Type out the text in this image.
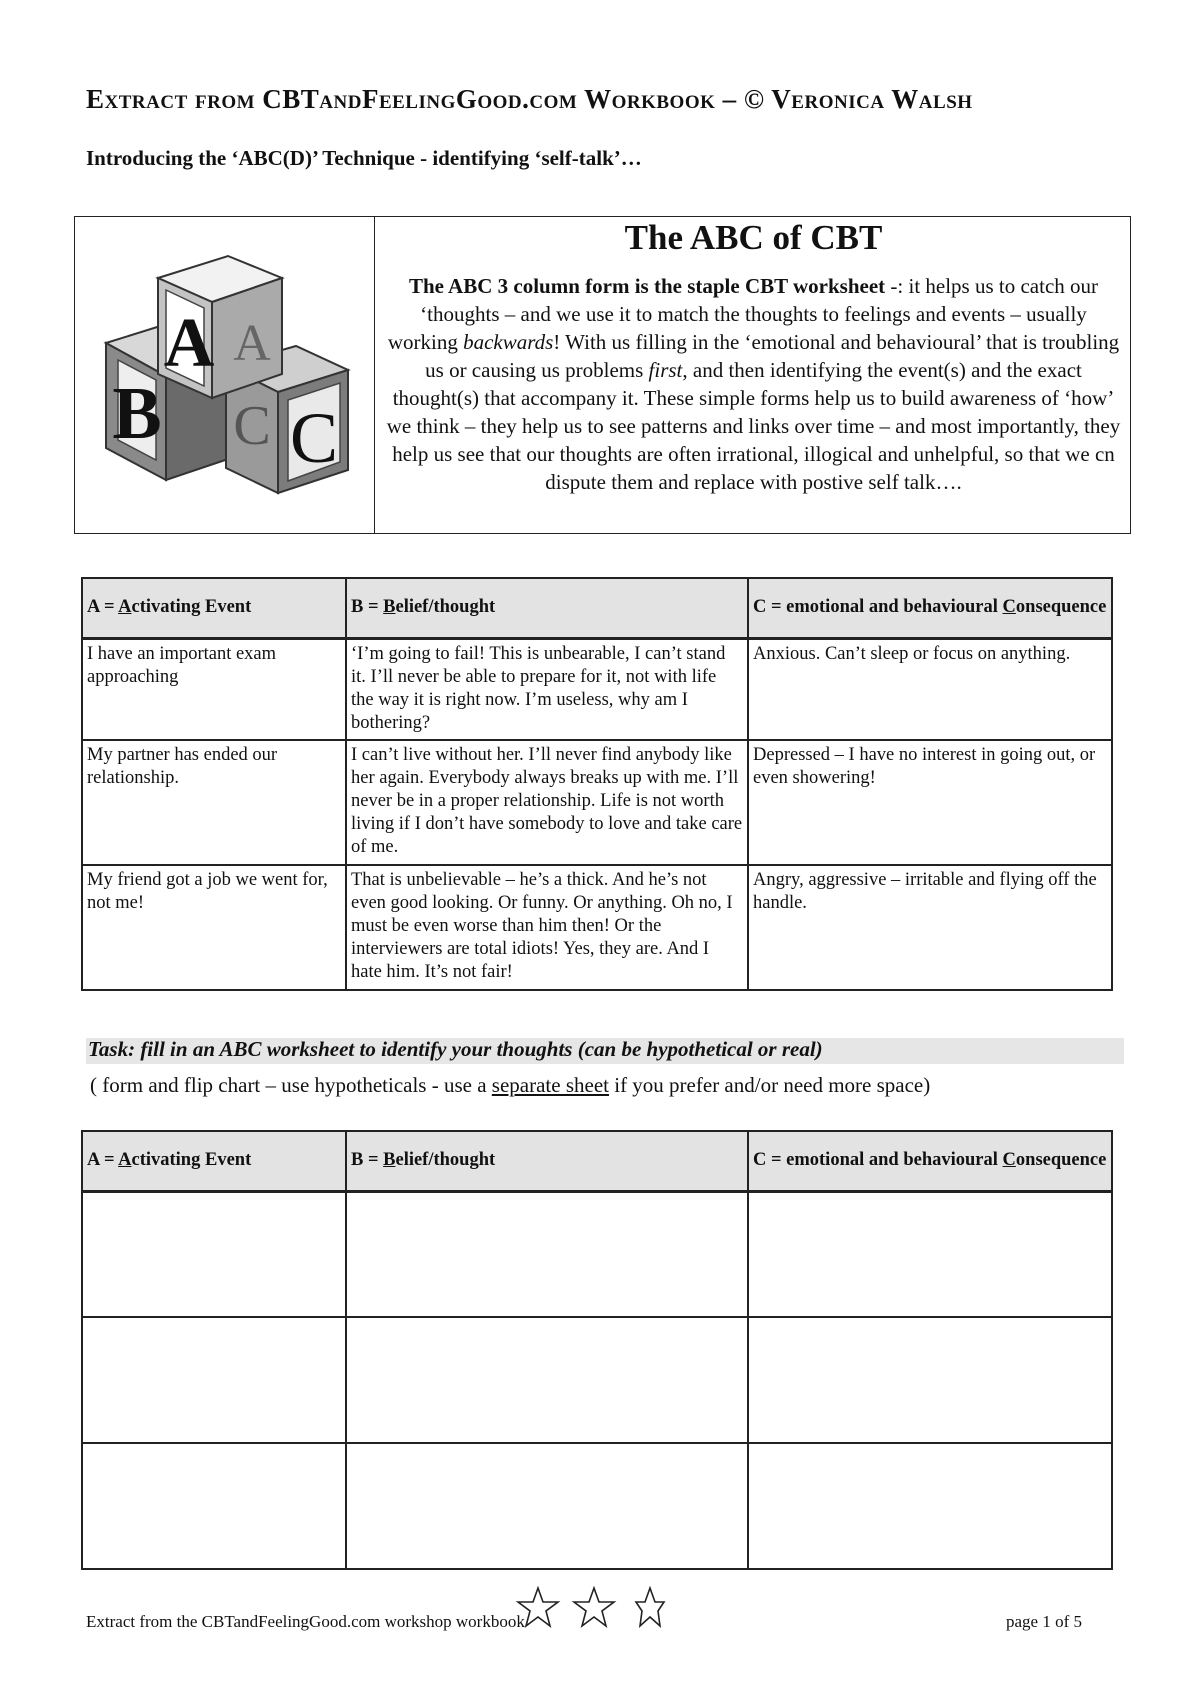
Extract from CBTandFeelingGood.com Workbook – © Veronica Walsh
Introducing the ‘ABC(D)’ Technique - identifying ‘self-talk’…
B C
C
A A
The ABC of CBT
The ABC 3 column form is the staple CBT worksheet -: it helps us to catch our ‘thoughts – and we use it to match the thoughts to feelings and events – usually working backwards! With us filling in the ‘emotional and behavioural’ that is troubling us or causing us problems first, and then identifying the event(s) and the exact thought(s) that accompany it. These simple forms help us to build awareness of ‘how’ we think – they help us to see patterns and links over time – and most importantly, they help us see that our thoughts are often irrational, illogical and unhelpful, so that we cn dispute them and replace with postive self talk….
A = Activating Event	B = Belief/thought	C = emotional and behavioural Consequence
I have an important exam approaching	‘I’m going to fail! This is unbearable, I can’t stand it. I’ll never be able to prepare for it, not with life the way it is right now. I’m useless, why am I bothering?	Anxious. Can’t sleep or focus on anything.
My partner has ended our relationship.	I can’t live without her. I’ll never find anybody like her again. Everybody always breaks up with me. I’ll never be in a proper relationship. Life is not worth living if I don’t have somebody to love and take care of me.	Depressed – I have no interest in going out, or even showering!
My friend got a job we went for, not me!	That is unbelievable – he’s a thick. And he’s not even good looking. Or funny. Or anything. Oh no, I must be even worse than him then! Or the interviewers are total idiots! Yes, they are. And I hate him. It’s not fair!	Angry, aggressive – irritable and flying off the handle.
Task: fill in an ABC worksheet to identify your thoughts (can be hypothetical or real)
( form and flip chart – use hypotheticals - use a separate sheet if you prefer and/or need more space)
A = Activating Event	B = Belief/thought	C = emotional and behavioural Consequence

Extract from the CBTandFeelingGood.com workshop workbook	page 1 of 5
